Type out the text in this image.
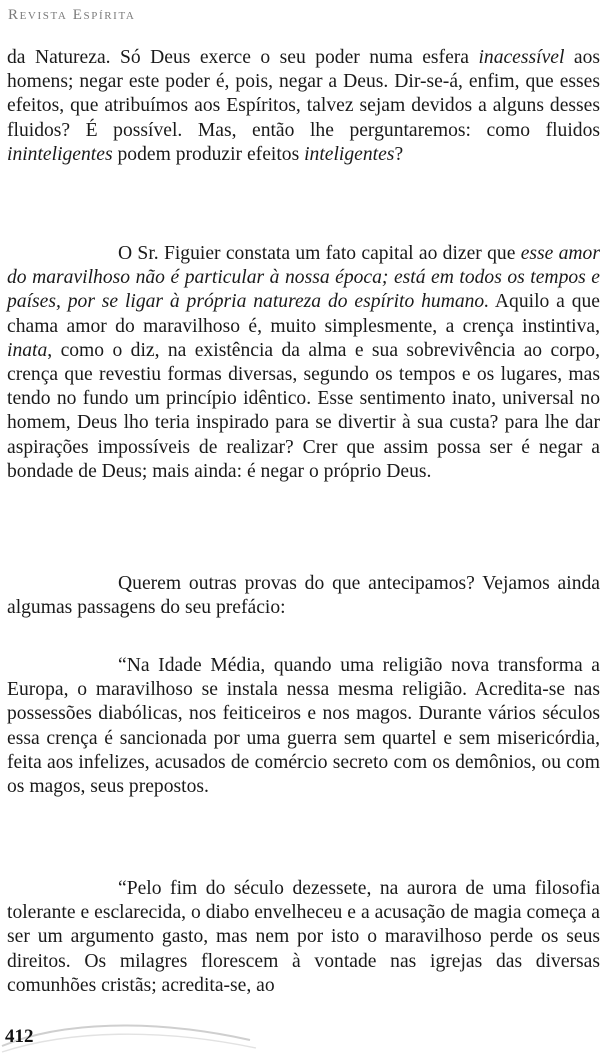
Revista Espírita

da Natureza. Só Deus exerce o seu poder numa esfera inacessível aos homens; negar este poder é, pois, negar a Deus. Dir-se-á, enfim, que esses efeitos, que atribuímos aos Espíritos, talvez sejam devidos a alguns desses fluidos? É possível. Mas, então lhe perguntaremos: como fluidos ininteligentes podem produzir efeitos inteligentes?

O Sr. Figuier constata um fato capital ao dizer que esse amor do maravilhoso não é particular à nossa época; está em todos os tempos e países, por se ligar à própria natureza do espírito humano. Aquilo a que chama amor do maravilhoso é, muito simplesmente, a crença instintiva, inata, como o diz, na existência da alma e sua sobrevivência ao corpo, crença que revestiu formas diversas, segundo os tempos e os lugares, mas tendo no fundo um princípio idêntico. Esse sentimento inato, universal no homem, Deus lho teria inspirado para se divertir à sua custa? para lhe dar aspirações impossíveis de realizar? Crer que assim possa ser é negar a bondade de Deus; mais ainda: é negar o próprio Deus.

Querem outras provas do que antecipamos? Vejamos ainda algumas passagens do seu prefácio:

“Na Idade Média, quando uma religião nova transforma a Europa, o maravilhoso se instala nessa mesma religião. Acredita-se nas possessões diabólicas, nos feiticeiros e nos magos. Durante vários séculos essa crença é sancionada por uma guerra sem quartel e sem misericórdia, feita aos infelizes, acusados de comércio secreto com os demônios, ou com os magos, seus prepostos.

“Pelo fim do século dezessete, na aurora de uma filosofia tolerante e esclarecida, o diabo envelheceu e a acusação de magia começa a ser um argumento gasto, mas nem por isto o maravilhoso perde os seus direitos. Os milagres florescem à vontade nas igrejas das diversas comunhões cristãs; acredita-se, ao

412
